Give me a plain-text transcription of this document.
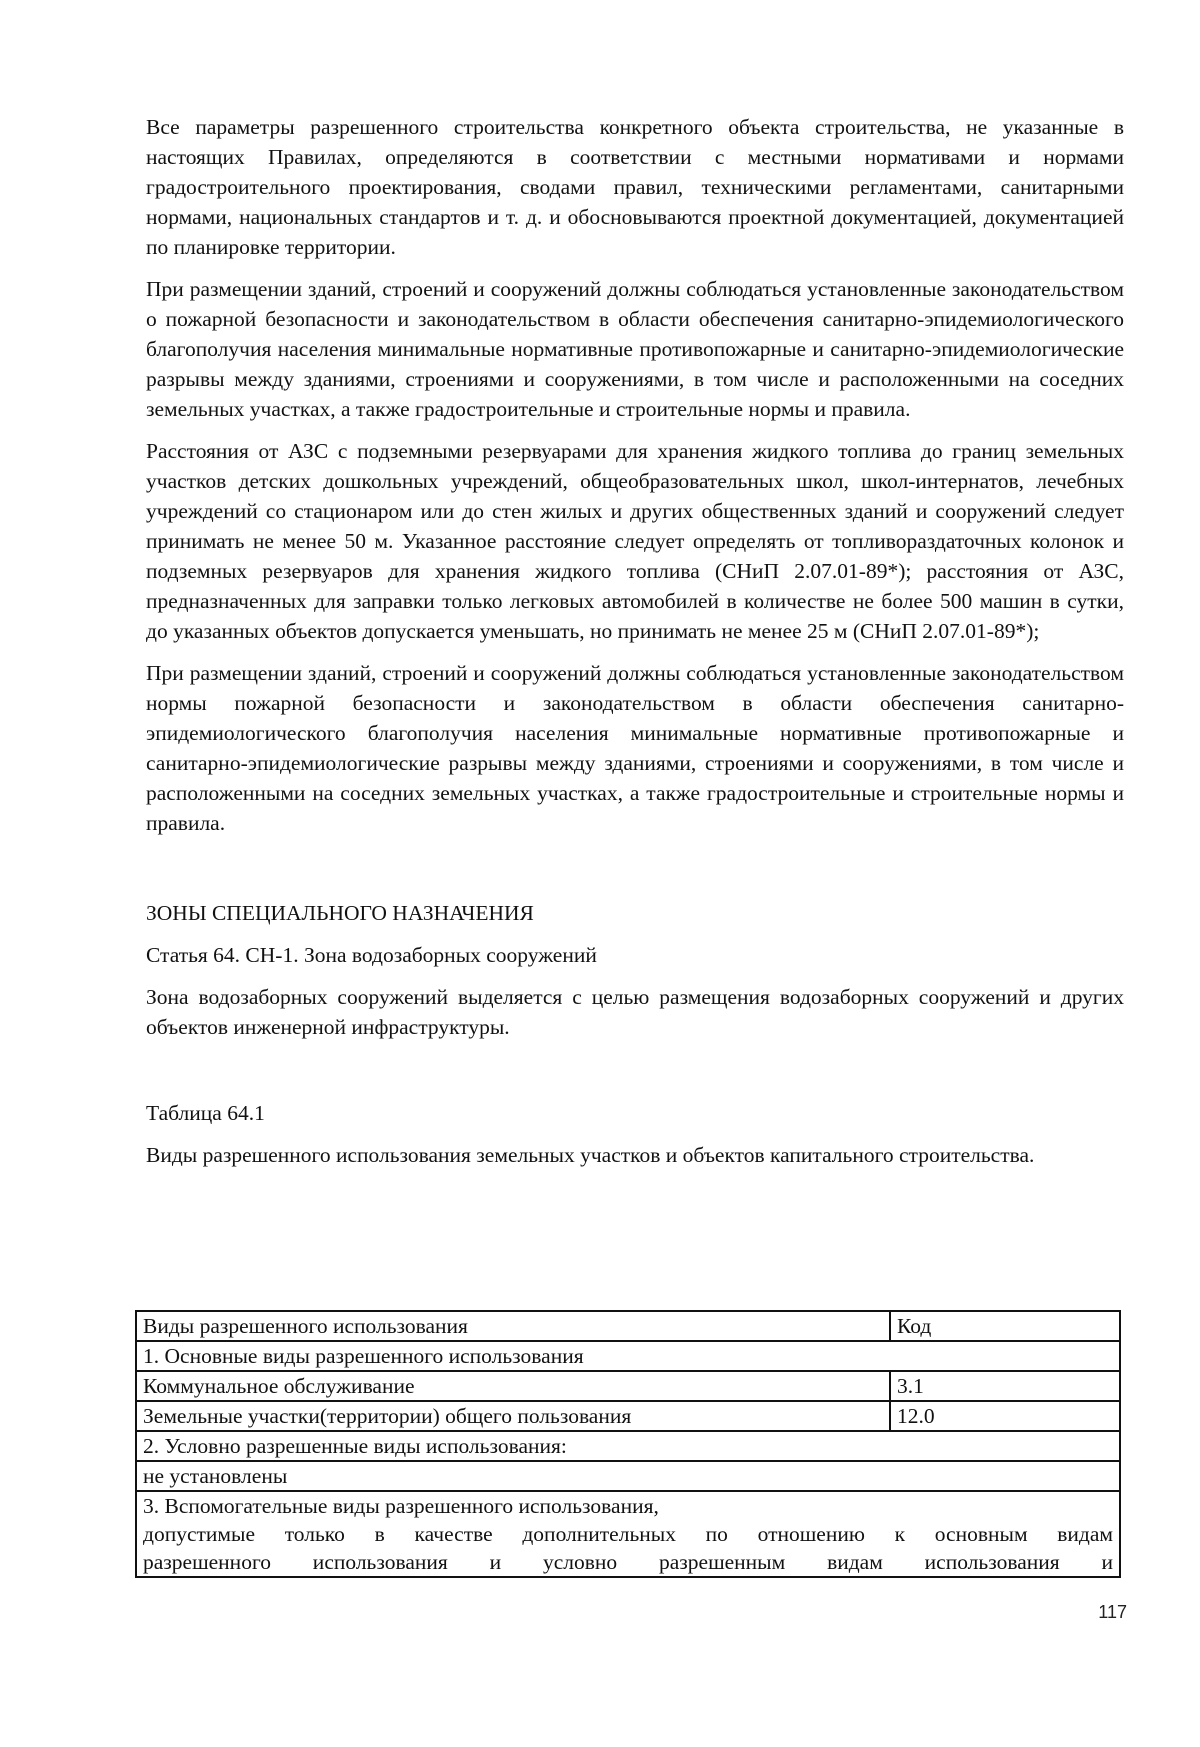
Все параметры разрешенного строительства конкретного объекта строительства, не указанные в настоящих Правилах, определяются в соответствии с местными нормативами и нормами градостроительного проектирования, сводами правил, техническими регламентами, санитарными нормами, национальных стандартов и т. д. и обосновываются проектной документацией, документацией по планировке территории.

При размещении зданий, строений и сооружений должны соблюдаться установленные законодательством о пожарной безопасности и законодательством в области обеспечения санитарно-эпидемиологического благополучия населения минимальные нормативные противопожарные и санитарно-эпидемиологические разрывы между зданиями, строениями и сооружениями, в том числе и расположенными на соседних земельных участках, а также градостроительные и строительные нормы и правила.

Расстояния от АЗС с подземными резервуарами для хранения жидкого топлива до границ земельных участков детских дошкольных учреждений, общеобразовательных школ, школ-интернатов, лечебных учреждений со стационаром или до стен жилых и других общественных зданий и сооружений следует принимать не менее 50 м. Указанное расстояние следует определять от топливораздаточных колонок и подземных резервуаров для хранения жидкого топлива (СНиП 2.07.01-89*); расстояния от АЗС, предназначенных для заправки только легковых автомобилей в количестве не более 500 машин в сутки, до указанных объектов допускается уменьшать, но принимать не менее 25 м (СНиП 2.07.01-89*);

При размещении зданий, строений и сооружений должны соблюдаться установленные законодательством нормы пожарной безопасности и законодательством в области обеспечения санитарно-эпидемиологического благополучия населения минимальные нормативные противопожарные и санитарно-эпидемиологические разрывы между зданиями, строениями и сооружениями, в том числе и расположенными на соседних земельных участках, а также градостроительные и строительные нормы и правила.

ЗОНЫ СПЕЦИАЛЬНОГО НАЗНАЧЕНИЯ

Статья 64. СН-1. Зона водозаборных сооружений

Зона водозаборных сооружений выделяется с целью размещения водозаборных сооружений и других объектов инженерной инфраструктуры.

Таблица 64.1

Виды разрешенного использования земельных участков и объектов капитального строительства.

Виды разрешенного использования	Код
1. Основные виды разрешенного использования	
Коммунальное обслуживание	3.1
Земельные участки(территории) общего пользования	12.0
2. Условно разрешенные виды использования:	
не установлены	

3. Вспомогательные виды разрешенного использования,
допустимые только в качестве дополнительных по отношению к основным видам
разрешенного использования и условно разрешенным видам использования и	
117
